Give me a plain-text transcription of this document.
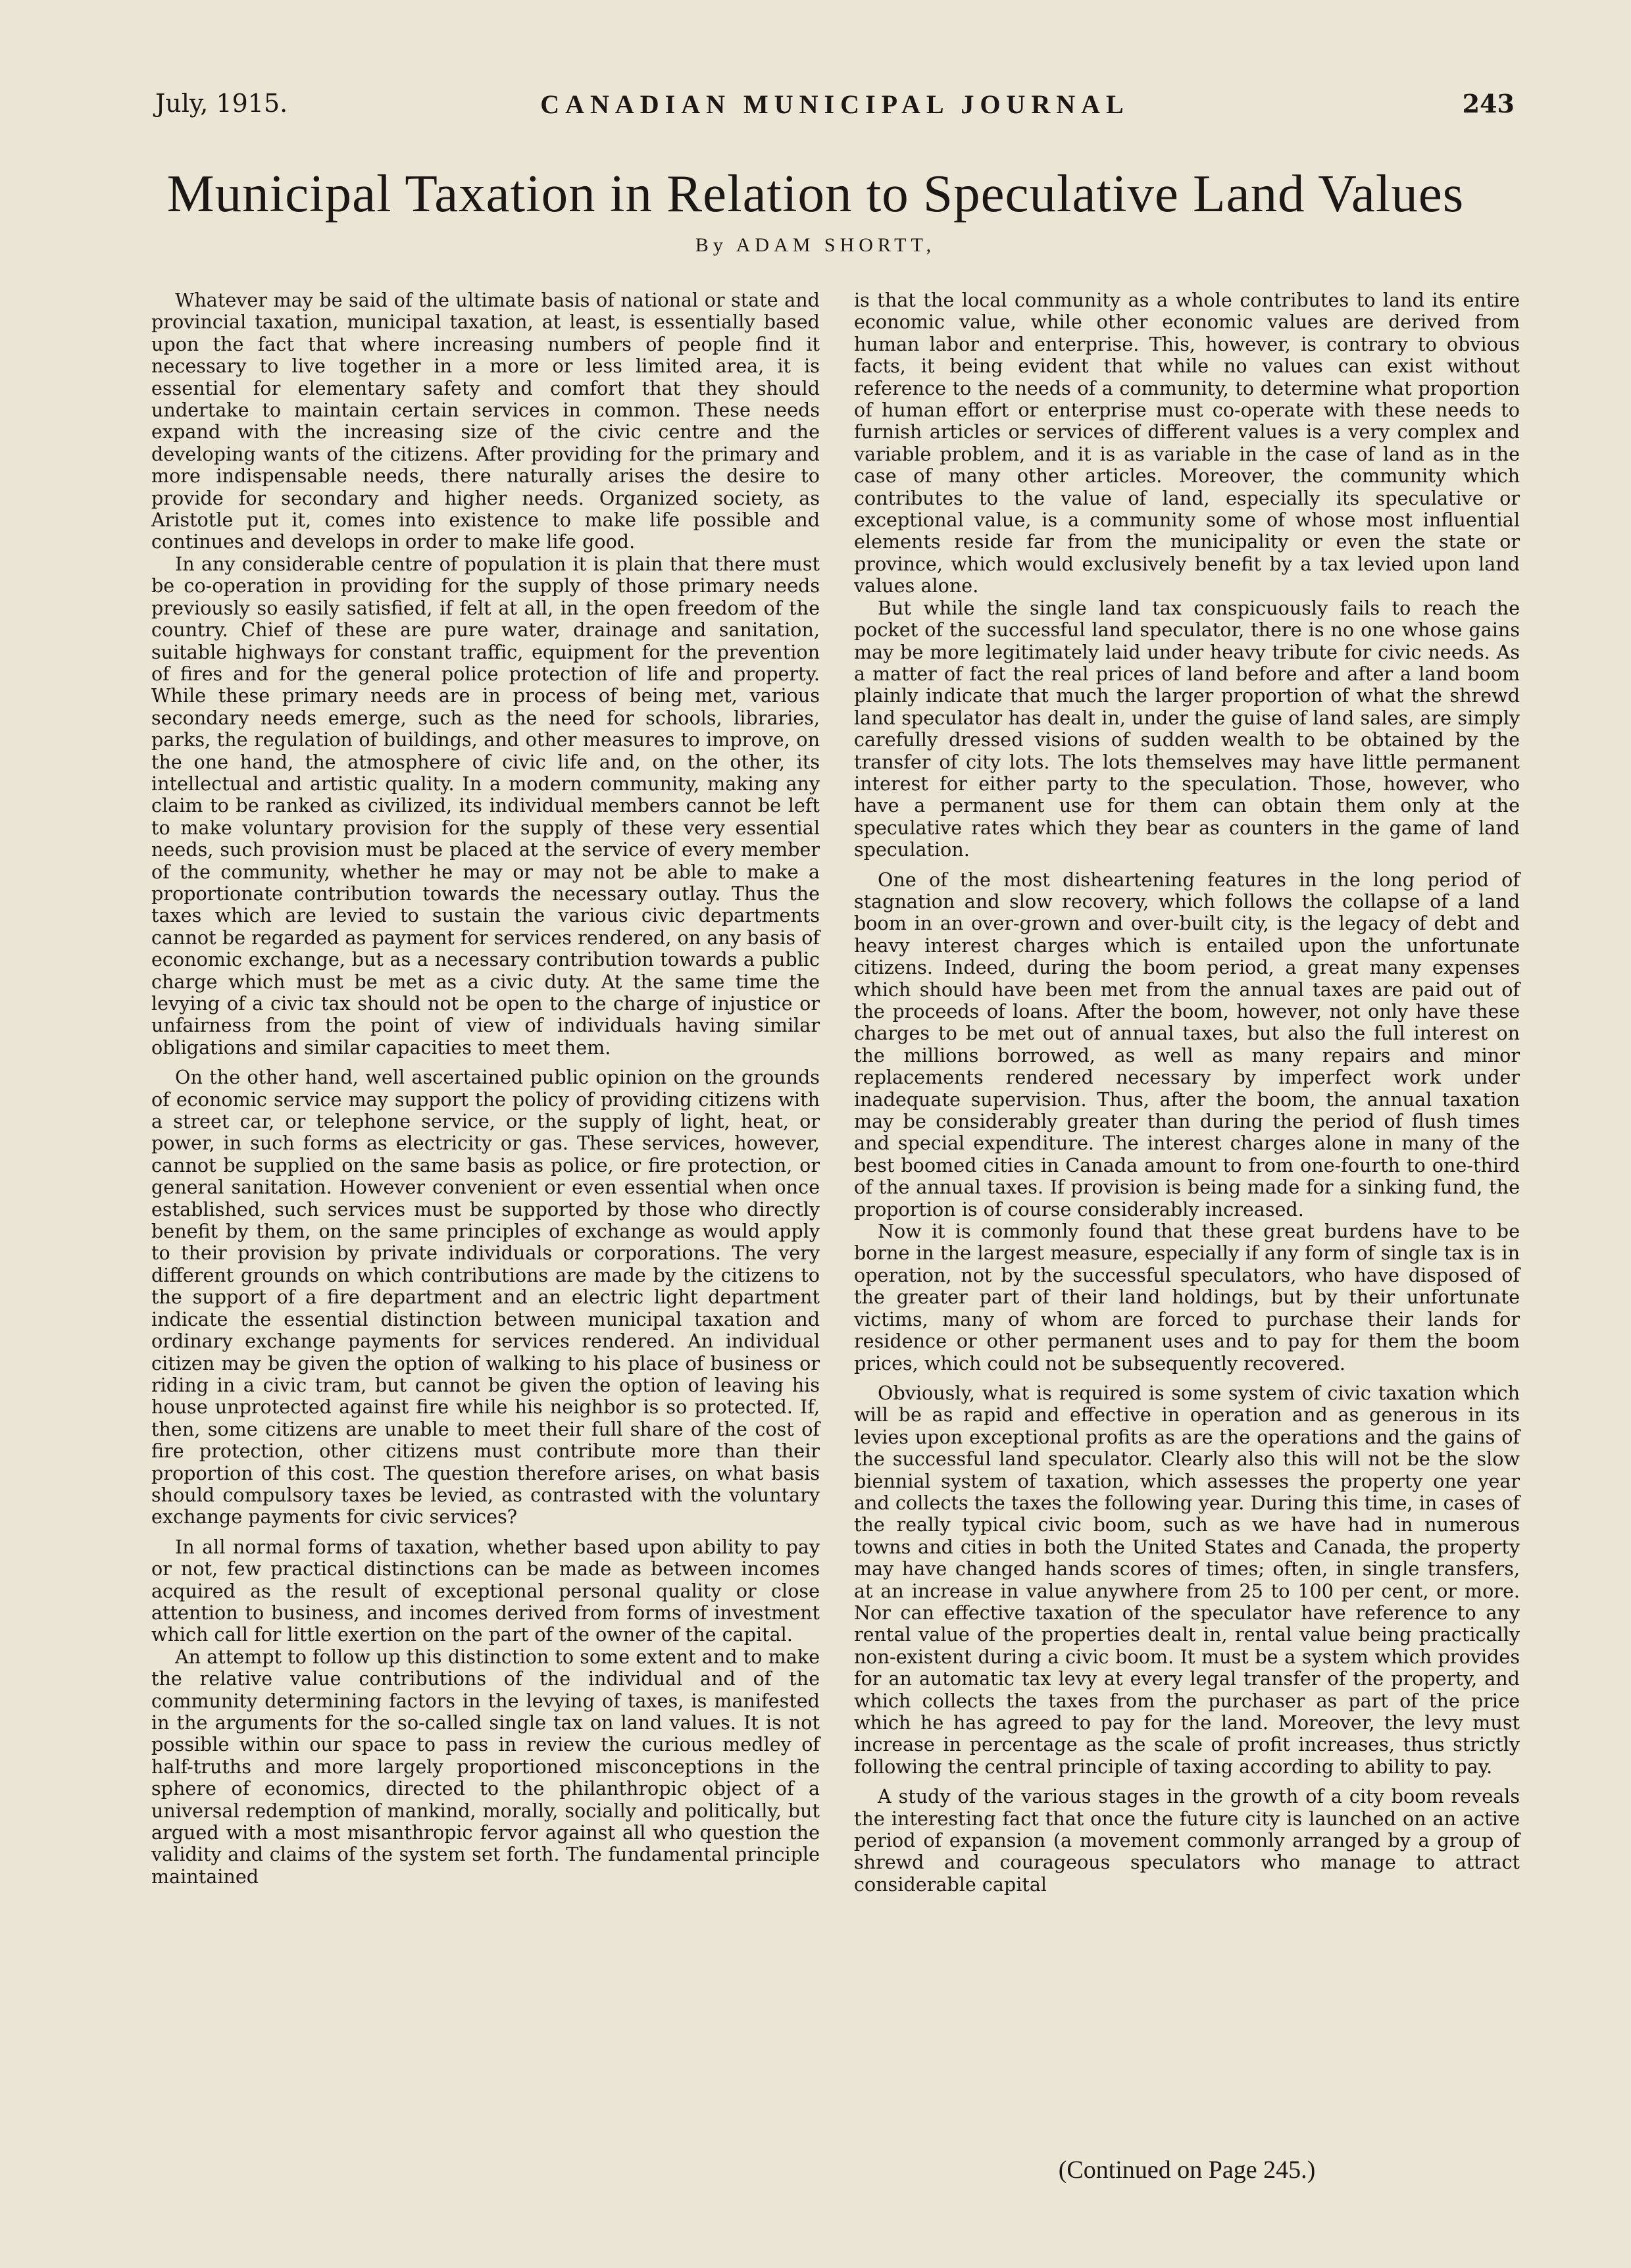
July, 1915.	CANADIAN MUNICIPAL JOURNAL	243
Municipal Taxation in Relation to Speculative Land Values
By ADAM SHORTT,

Whatever may be said of the ultimate basis of national or state and provincial taxation, municipal taxation, at least, is essentially based upon the fact that where increasing numbers of people find it necessary to live together in a more or less limited area, it is essential for elementary safety and comfort that they should undertake to maintain certain services in common. These needs expand with the increasing size of the civic centre and the developing wants of the citizens. After providing for the primary and more indispensable needs, there naturally arises the desire to provide for secondary and higher needs. Organized society, as Aristotle put it, comes into existence to make life possible and continues and develops in order to make life good.

In any considerable centre of population it is plain that there must be co-operation in providing for the supply of those primary needs previously so easily satisfied, if felt at all, in the open freedom of the country. Chief of these are pure water, drainage and sanitation, suitable highways for constant traffic, equipment for the prevention of fires and for the general police protection of life and property. While these primary needs are in process of being met, various secondary needs emerge, such as the need for schools, libraries, parks, the regulation of buildings, and other measures to improve, on the one hand, the atmosphere of civic life and, on the other, its intellectual and artistic quality. In a modern community, making any claim to be ranked as civilized, its individual members cannot be left to make voluntary provision for the supply of these very essential needs, such provision must be placed at the service of every member of the community, whether he may or may not be able to make a proportionate contribution towards the necessary outlay. Thus the taxes which are levied to sustain the various civic departments cannot be regarded as payment for services rendered, on any basis of economic exchange, but as a necessary contribution towards a public charge which must be met as a civic duty. At the same time the levying of a civic tax should not be open to the charge of injustice or unfairness from the point of view of individuals having similar obligations and similar capacities to meet them.

On the other hand, well ascertained public opinion on the grounds of economic service may support the policy of providing citizens with a street car, or telephone service, or the supply of light, heat, or power, in such forms as electricity or gas. These services, however, cannot be supplied on the same basis as police, or fire protection, or general sanitation. However convenient or even essential when once established, such services must be supported by those who directly benefit by them, on the same principles of exchange as would apply to their provision by private individuals or corporations. The very different grounds on which contributions are made by the citizens to the support of a fire department and an electric light department indicate the essential distinction between municipal taxation and ordinary exchange payments for services rendered. An individual citizen may be given the option of walking to his place of business or riding in a civic tram, but cannot be given the option of leaving his house unprotected against fire while his neighbor is so protected. If, then, some citizens are unable to meet their full share of the cost of fire protection, other citizens must contribute more than their proportion of this cost. The question therefore arises, on what basis should compulsory taxes be levied, as contrasted with the voluntary exchange payments for civic services?

In all normal forms of taxation, whether based upon ability to pay or not, few practical distinctions can be made as between incomes acquired as the result of exceptional personal quality or close attention to business, and incomes derived from forms of investment which call for little exertion on the part of the owner of the capital.

An attempt to follow up this distinction to some extent and to make the relative value contributions of the individual and of the community determining factors in the levying of taxes, is manifested in the arguments for the so-called single tax on land values. It is not possible within our space to pass in review the curious medley of half-truths and more largely proportioned misconceptions in the sphere of economics, directed to the philanthropic object of a universal redemption of mankind, morally, socially and politically, but argued with a most misanthropic fervor against all who question the validity and claims of the system set forth. The fundamental principle maintained

is that the local community as a whole contributes to land its entire economic value, while other economic values are derived from human labor and enterprise. This, however, is contrary to obvious facts, it being evident that while no values can exist without reference to the needs of a community, to determine what proportion of human effort or enterprise must co-operate with these needs to furnish articles or services of different values is a very complex and variable problem, and it is as variable in the case of land as in the case of many other articles. Moreover, the community which contributes to the value of land, especially its speculative or exceptional value, is a community some of whose most influential elements reside far from the municipality or even the state or province, which would exclusively benefit by a tax levied upon land values alone.

But while the single land tax conspicuously fails to reach the pocket of the successful land speculator, there is no one whose gains may be more legitimately laid under heavy tribute for civic needs. As a matter of fact the real prices of land before and after a land boom plainly indicate that much the larger proportion of what the shrewd land speculator has dealt in, under the guise of land sales, are simply carefully dressed visions of sudden wealth to be obtained by the transfer of city lots. The lots themselves may have little permanent interest for either party to the speculation. Those, however, who have a permanent use for them can obtain them only at the speculative rates which they bear as counters in the game of land speculation.

One of the most disheartening features in the long period of stagnation and slow recovery, which follows the collapse of a land boom in an over-grown and over-built city, is the legacy of debt and heavy interest charges which is entailed upon the unfortunate citizens. Indeed, during the boom period, a great many expenses which should have been met from the annual taxes are paid out of the proceeds of loans. After the boom, however, not only have these charges to be met out of annual taxes, but also the full interest on the millions borrowed, as well as many repairs and minor replacements rendered necessary by imperfect work under inadequate supervision. Thus, after the boom, the annual taxation may be considerably greater than during the period of flush times and special expenditure. The interest charges alone in many of the best boomed cities in Canada amount to from one-fourth to one-third of the annual taxes. If provision is being made for a sinking fund, the proportion is of course considerably increased.

Now it is commonly found that these great burdens have to be borne in the largest measure, especially if any form of single tax is in operation, not by the successful speculators, who have disposed of the greater part of their land holdings, but by their unfortunate victims, many of whom are forced to purchase their lands for residence or other permanent uses and to pay for them the boom prices, which could not be subsequently recovered.

Obviously, what is required is some system of civic taxation which will be as rapid and effective in operation and as generous in its levies upon exceptional profits as are the operations and the gains of the successful land speculator. Clearly also this will not be the slow biennial system of taxation, which assesses the property one year and collects the taxes the following year. During this time, in cases of the really typical civic boom, such as we have had in numerous towns and cities in both the United States and Canada, the property may have changed hands scores of times; often, in single transfers, at an increase in value anywhere from 25 to 100 per cent, or more. Nor can effective taxation of the speculator have reference to any rental value of the properties dealt in, rental value being practically non-existent during a civic boom. It must be a system which provides for an automatic tax levy at every legal transfer of the property, and which collects the taxes from the purchaser as part of the price which he has agreed to pay for the land. Moreover, the levy must increase in percentage as the scale of profit increases, thus strictly following the central principle of taxing according to ability to pay.

A study of the various stages in the growth of a city boom reveals the interesting fact that once the future city is launched on an active period of expansion (a movement commonly arranged by a group of shrewd and courageous speculators who manage to attract considerable capital

(Continued on Page 245.)
